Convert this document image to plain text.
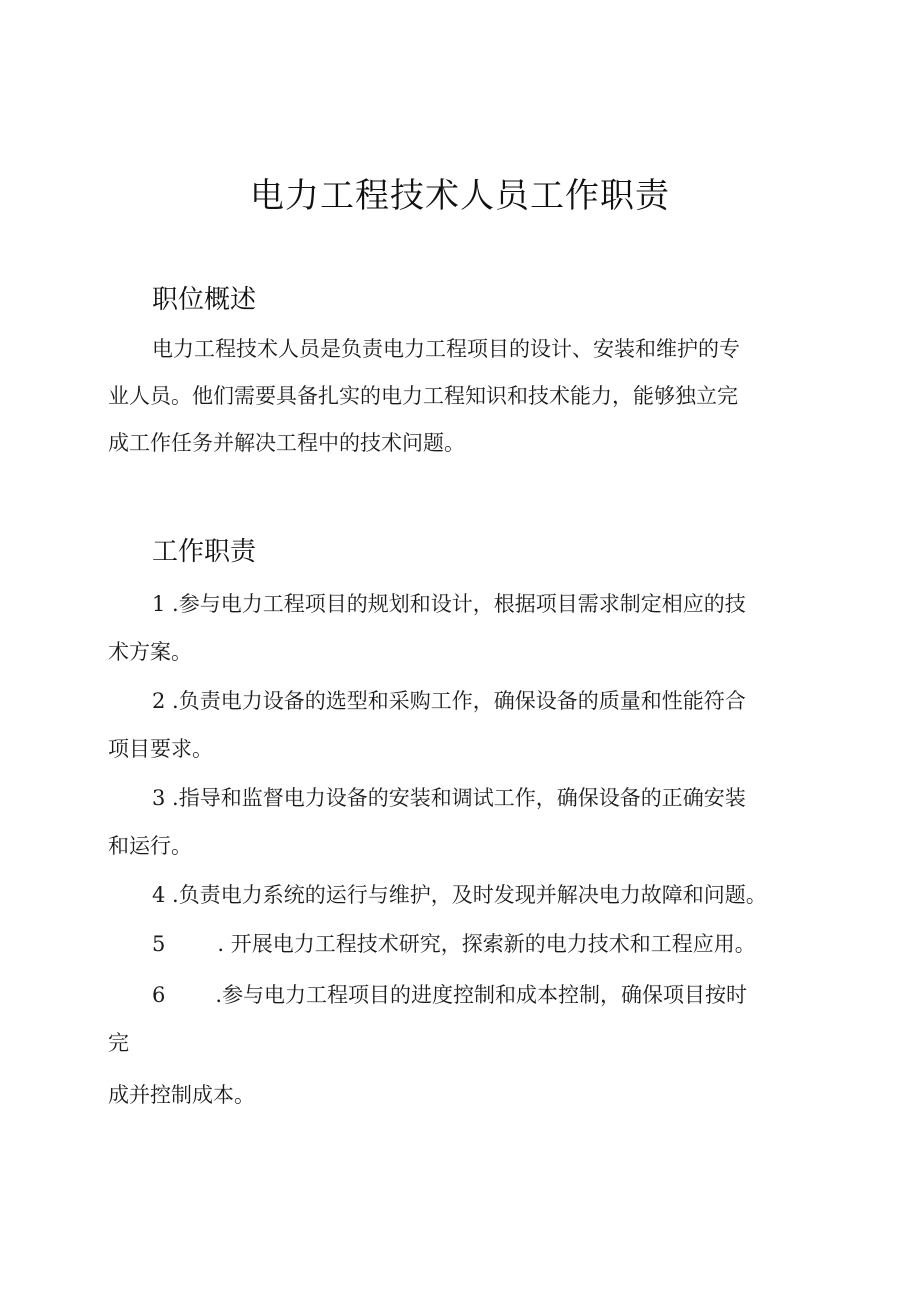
电力工程技术人员工作职责
职位概述

电力工程技术人员是负责电力工程项目的设计、安装和维护的专

业人员。他们需要具备扎实的电力工程知识和技术能力，能够独立完

成工作任务并解决工程中的技术问题。

工作职责
1 .参与电力工程项目的规划和设计，根据项目需求制定相应的技

术方案。

2 .负责电力设备的选型和采购工作，确保设备的质量和性能符合

项目要求。

3 .指导和监督电力设备的安装和调试工作，确保设备的正确安装

和运行。

4 .负责电力系统的运行与维护，及时发现并解决电力故障和问题。
5 . 开展电力工程技术研究，探索新的电力技术和工程应用。
6 .参与电力工程项目的进度控制和成本控制，确保项目按时

完

成并控制成本。
